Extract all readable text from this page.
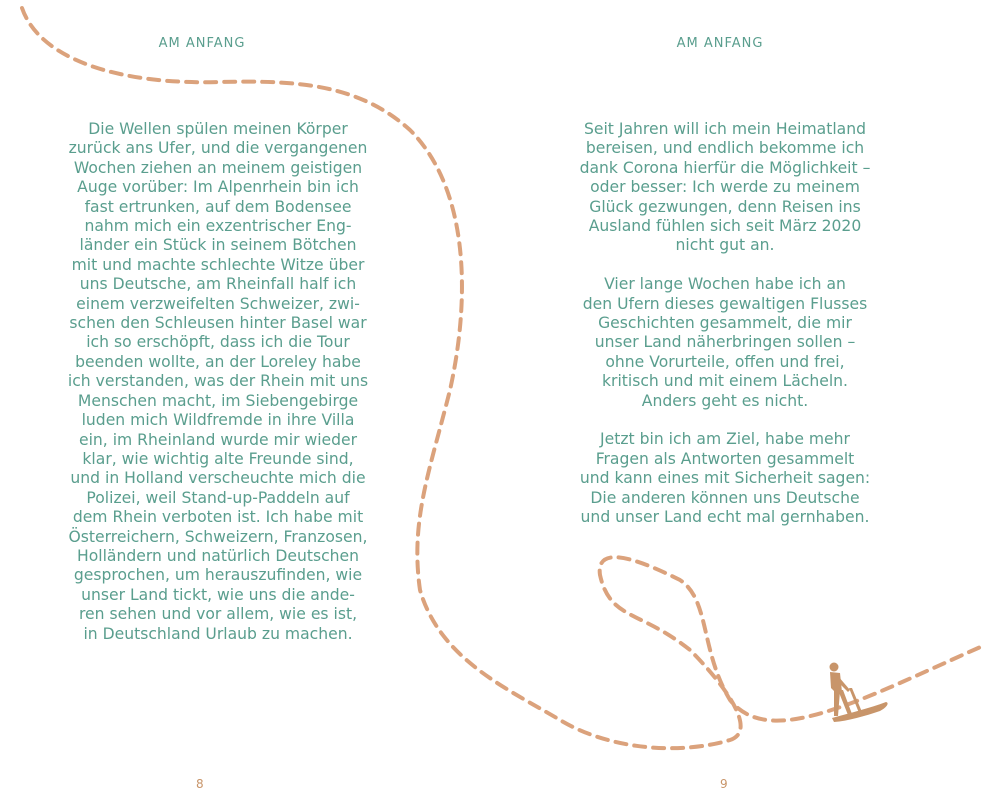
AM ANFANG
Die Wellen spülen meinen Körper
zurück ans Ufer, und die vergangenen
Wochen ziehen an meinem geistigen
Auge vorüber: Im Alpenrhein bin ich
fast ertrunken, auf dem Bodensee
nahm mich ein exzentrischer Eng-
länder ein Stück in seinem Bötchen
mit und machte schlechte Witze über
uns Deutsche, am Rheinfall half ich
einem verzweifelten Schweizer, zwi-
schen den Schleusen hinter Basel war
ich so erschöpft, dass ich die Tour
beenden wollte, an der Loreley habe
ich verstanden, was der Rhein mit uns
Menschen macht, im Siebengebirge
luden mich Wildfremde in ihre Villa
ein, im Rheinland wurde mir wieder
klar, wie wichtig alte Freunde sind,
und in Holland verscheuchte mich die
Polizei, weil Stand-up-Paddeln auf
dem Rhein verboten ist. Ich habe mit
Österreichern, Schweizern, Franzosen,
Holländern und natürlich Deutschen
gesprochen, um herauszufinden, wie
unser Land tickt, wie uns die ande-
ren sehen und vor allem, wie es ist,
in Deutschland Urlaub zu machen.
8
AM ANFANG
Seit Jahren will ich mein Heimatland
bereisen, und endlich bekomme ich
dank Corona hierfür die Möglichkeit –
oder besser: Ich werde zu meinem
Glück gezwungen, denn Reisen ins
Ausland fühlen sich seit März 2020
nicht gut an.
Vier lange Wochen habe ich an
den Ufern dieses gewaltigen Flusses
Geschichten gesammelt, die mir
unser Land näherbringen sollen –
ohne Vorurteile, offen und frei,
kritisch und mit einem Lächeln.
Anders geht es nicht.
Jetzt bin ich am Ziel, habe mehr
Fragen als Antworten gesammelt
und kann eines mit Sicherheit sagen:
Die anderen können uns Deutsche
und unser Land echt mal gernhaben.
9
